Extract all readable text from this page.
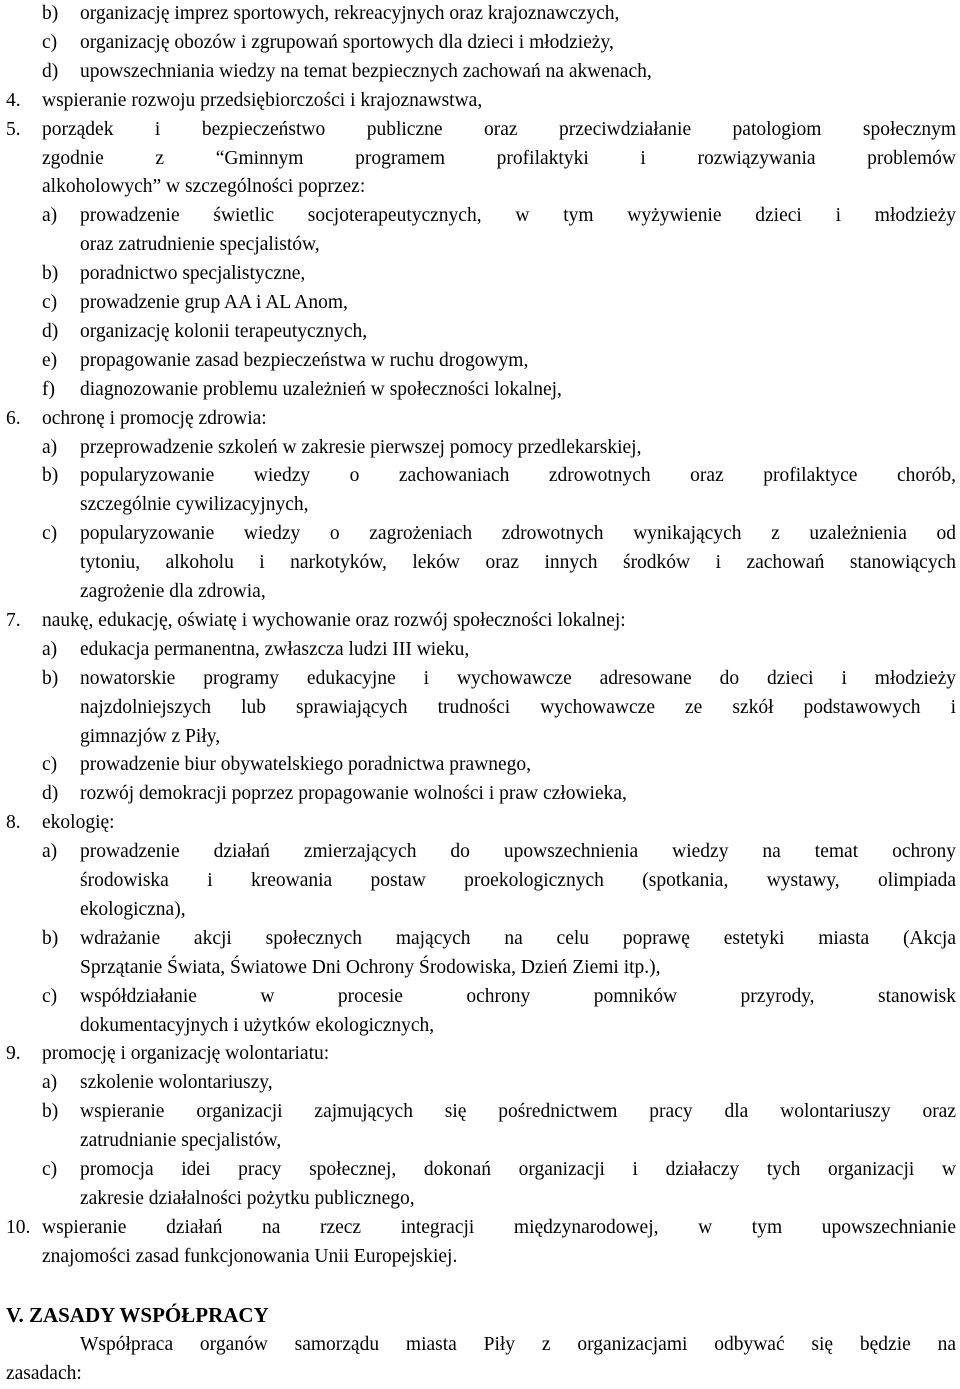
b) organizację imprez sportowych, rekreacyjnych oraz krajoznawczych,
c) organizację obozów i zgrupowań sportowych dla dzieci i młodzieży,
d) upowszechniania wiedzy na temat bezpiecznych zachowań na akwenach,
4. wspieranie rozwoju przedsiębiorczości i krajoznawstwa,
5. porządek i bezpieczeństwo publiczne oraz przeciwdziałanie patologiom społecznym
zgodnie z “Gminnym programem profilaktyki i rozwiązywania problemów
alkoholowych” w szczególności poprzez:
a) prowadzenie świetlic socjoterapeutycznych, w tym wyżywienie dzieci i młodzieży
oraz zatrudnienie specjalistów,
b) poradnictwo specjalistyczne,
c) prowadzenie grup AA i AL Anom,
d) organizację kolonii terapeutycznych,
e) propagowanie zasad bezpieczeństwa w ruchu drogowym,
f) diagnozowanie problemu uzależnień w społeczności lokalnej,
6. ochronę i promocję zdrowia:
a) przeprowadzenie szkoleń w zakresie pierwszej pomocy przedlekarskiej,
b) popularyzowanie wiedzy o zachowaniach zdrowotnych oraz profilaktyce chorób,
szczególnie cywilizacyjnych,
c) popularyzowanie wiedzy o zagrożeniach zdrowotnych wynikających z uzależnienia od
tytoniu, alkoholu i narkotyków, leków oraz innych środków i zachowań stanowiących
zagrożenie dla zdrowia,
7. naukę, edukację, oświatę i wychowanie oraz rozwój społeczności lokalnej:
a) edukacja permanentna, zwłaszcza ludzi III wieku,
b) nowatorskie programy edukacyjne i wychowawcze adresowane do dzieci i młodzieży
najzdolniejszych lub sprawiających trudności wychowawcze ze szkół podstawowych i
gimnazjów z Piły,
c) prowadzenie biur obywatelskiego poradnictwa prawnego,
d) rozwój demokracji poprzez propagowanie wolności i praw człowieka,
8. ekologię:
a) prowadzenie działań zmierzających do upowszechnienia wiedzy na temat ochrony
środowiska i kreowania postaw proekologicznych (spotkania, wystawy, olimpiada
ekologiczna),
b) wdrażanie akcji społecznych mających na celu poprawę estetyki miasta (Akcja
Sprzątanie Świata, Światowe Dni Ochrony Środowiska, Dzień Ziemi itp.),
c) współdziałanie w procesie ochrony pomników przyrody, stanowisk
dokumentacyjnych i użytków ekologicznych,
9. promocję i organizację wolontariatu:
a) szkolenie wolontariuszy,
b) wspieranie organizacji zajmujących się pośrednictwem pracy dla wolontariuszy oraz
zatrudnianie specjalistów,
c) promocja idei pracy społecznej, dokonań organizacji i działaczy tych organizacji w
zakresie działalności pożytku publicznego,
10. wspieranie działań na rzecz integracji międzynarodowej, w tym upowszechnianie
znajomości zasad funkcjonowania Unii Europejskiej.
V. ZASADY WSPÓŁPRACY
Współpraca organów samorządu miasta Piły z organizacjami odbywać się będzie na
zasadach:
